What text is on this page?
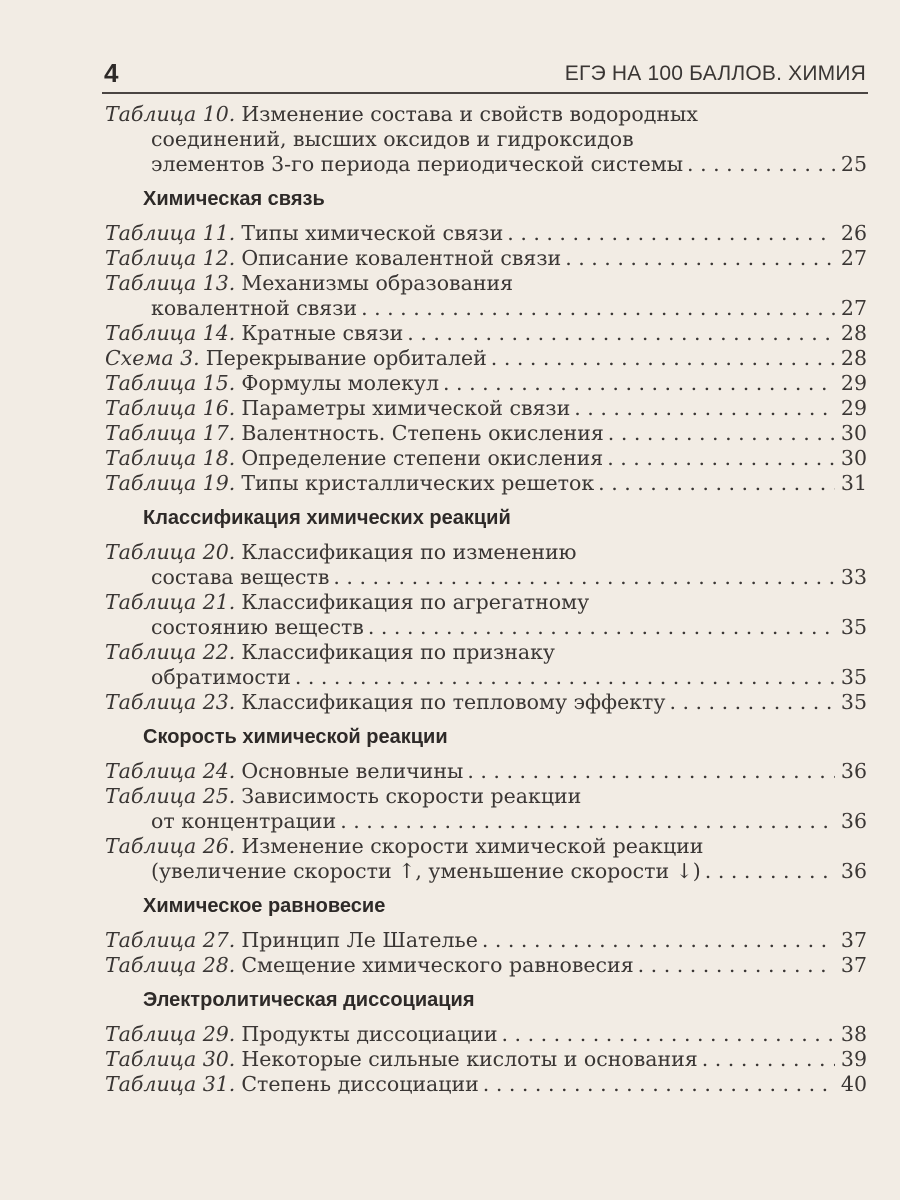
4	ЕГЭ НА 100 БАЛЛОВ. ХИМИЯ
Таблица 10. Изменение состава и свойств водородных
соединений, высших оксидов и гидроксидов
элементов 3-го периода периодической системы . . .	25
Химическая связь
Таблица 11. Типы химической связи . . .	26
Таблица 12. Описание ковалентной связи . . .	27
Таблица 13. Механизмы образования
ковалентной связи . . .	27
Таблица 14. Кратные связи . . .	28
Схема 3. Перекрывание орбиталей . . .	28
Таблица 15. Формулы молекул . . .	29
Таблица 16. Параметры химической связи . . .	29
Таблица 17. Валентность. Степень окисления . . .	30
Таблица 18. Определение степени окисления . . .	30
Таблица 19. Типы кристаллических решеток . . .	31
Классификация химических реакций
Таблица 20. Классификация по изменению
состава веществ . . .	33
Таблица 21. Классификация по агрегатному
состоянию веществ . . .	35
Таблица 22. Классификация по признаку
обратимости . . .	35
Таблица 23. Классификация по тепловому эффекту . . .	35
Скорость химической реакции
Таблица 24. Основные величины . . .	36
Таблица 25. Зависимость скорости реакции
от концентрации . . .	36
Таблица 26. Изменение скорости химической реакции
(увеличение скорости ↑, уменьшение скорости ↓) . . .	36
Химическое равновесие
Таблица 27. Принцип Ле Шателье . . .	37
Таблица 28. Смещение химического равновесия . . .	37
Электролитическая диссоциация
Таблица 29. Продукты диссоциации . . .	38
Таблица 30. Некоторые сильные кислоты и основания . . .	39
Таблица 31. Степень диссоциации . . .	40
